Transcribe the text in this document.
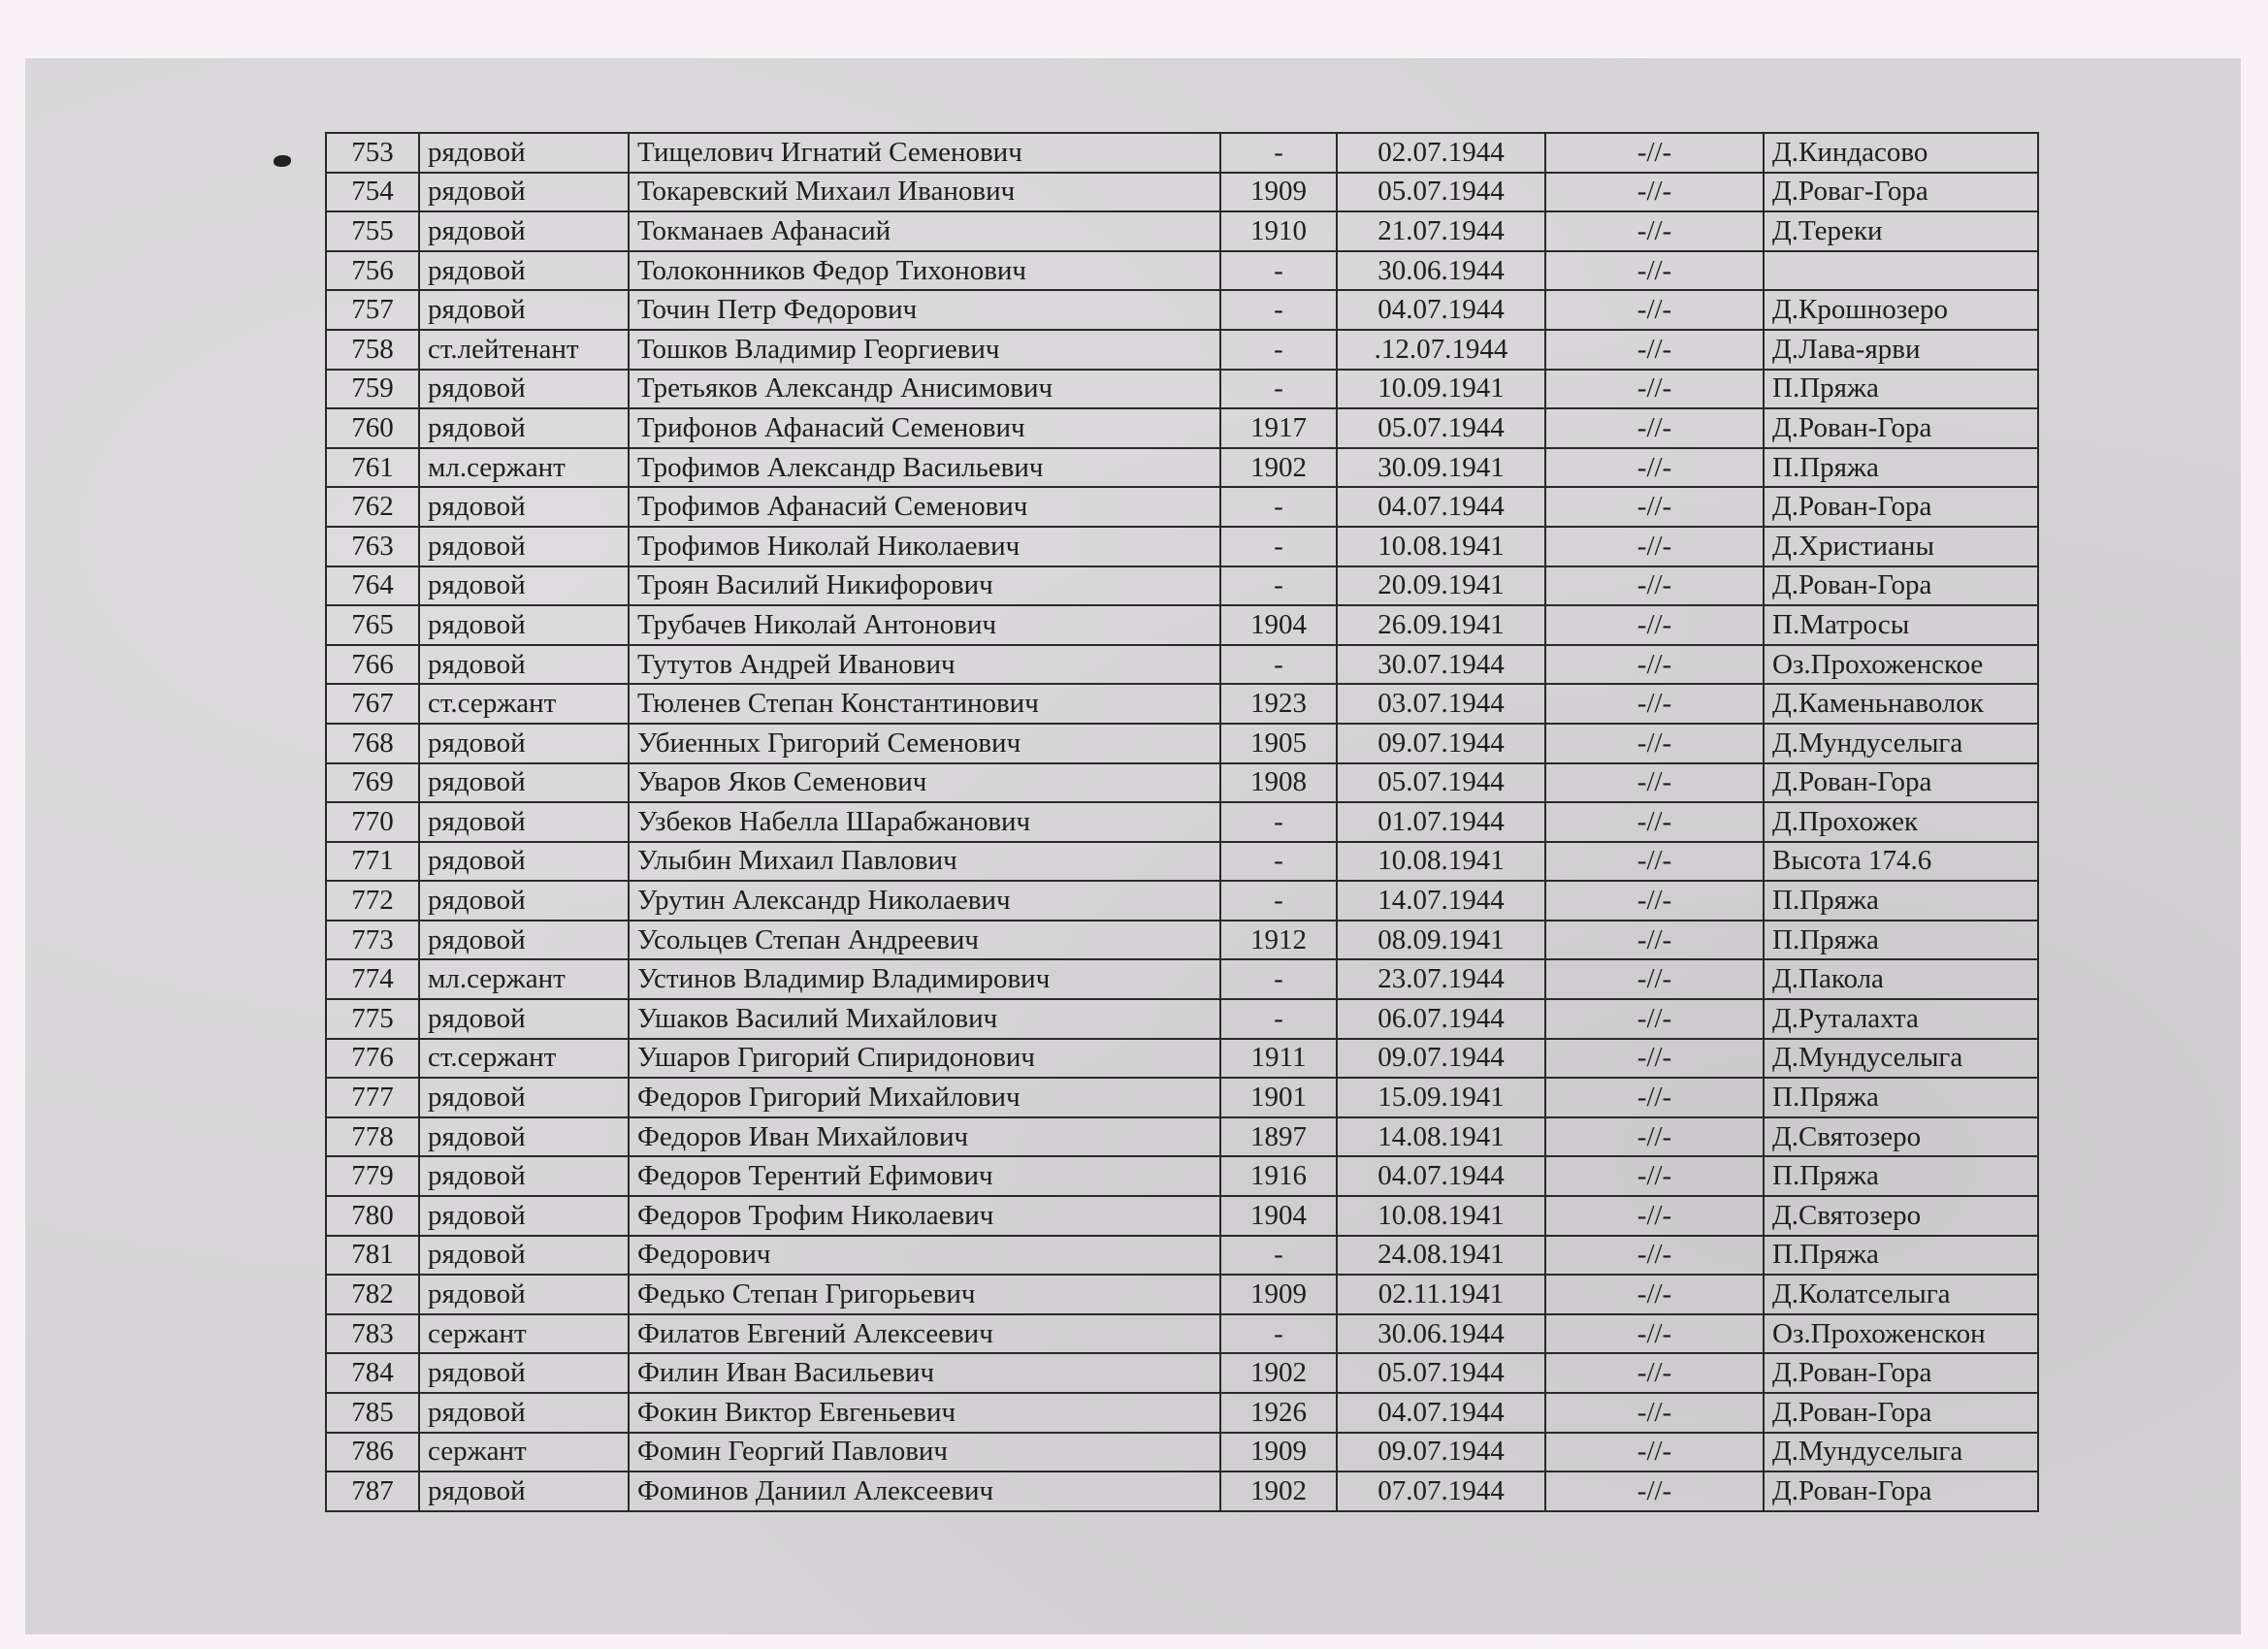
753	рядовой	Тищелович Игнатий Семенович	-	02.07.1944	-//-	Д.Киндасово
754	рядовой	Токаревский Михаил Иванович	1909	05.07.1944	-//-	Д.Роваг-Гора
755	рядовой	Токманаев Афанасий	1910	21.07.1944	-//-	Д.Тереки
756	рядовой	Толоконников Федор Тихонович	-	30.06.1944	-//-	
757	рядовой	Точин Петр Федорович	-	04.07.1944	-//-	Д.Крошнозеро
758	ст.лейтенант	Тошков Владимир Георгиевич	-	.12.07.1944	-//-	Д.Лава-ярви
759	рядовой	Третьяков Александр Анисимович	-	10.09.1941	-//-	П.Пряжа
760	рядовой	Трифонов Афанасий Семенович	1917	05.07.1944	-//-	Д.Рован-Гора
761	мл.сержант	Трофимов Александр Васильевич	1902	30.09.1941	-//-	П.Пряжа
762	рядовой	Трофимов Афанасий Семенович	-	04.07.1944	-//-	Д.Рован-Гора
763	рядовой	Трофимов Николай Николаевич	-	10.08.1941	-//-	Д.Христианы
764	рядовой	Троян Василий Никифорович	-	20.09.1941	-//-	Д.Рован-Гора
765	рядовой	Трубачев Николай Антонович	1904	26.09.1941	-//-	П.Матросы
766	рядовой	Тутутов Андрей Иванович	-	30.07.1944	-//-	Оз.Прохоженское
767	ст.сержант	Тюленев Степан Константинович	1923	03.07.1944	-//-	Д.Каменьнаволок
768	рядовой	Убиенных Григорий Семенович	1905	09.07.1944	-//-	Д.Мундуселыга
769	рядовой	Уваров Яков Семенович	1908	05.07.1944	-//-	Д.Рован-Гора
770	рядовой	Узбеков Набелла Шарабжанович	-	01.07.1944	-//-	Д.Прохожек
771	рядовой	Улыбин Михаил Павлович	-	10.08.1941	-//-	Высота 174.6
772	рядовой	Урутин Александр Николаевич	-	14.07.1944	-//-	П.Пряжа
773	рядовой	Усольцев Степан Андреевич	1912	08.09.1941	-//-	П.Пряжа
774	мл.сержант	Устинов Владимир Владимирович	-	23.07.1944	-//-	Д.Пакола
775	рядовой	Ушаков Василий Михайлович	-	06.07.1944	-//-	Д.Руталахта
776	ст.сержант	Ушаров Григорий Спиридонович	1911	09.07.1944	-//-	Д.Мундуселыга
777	рядовой	Федоров Григорий Михайлович	1901	15.09.1941	-//-	П.Пряжа
778	рядовой	Федоров Иван Михайлович	1897	14.08.1941	-//-	Д.Святозеро
779	рядовой	Федоров Терентий Ефимович	1916	04.07.1944	-//-	П.Пряжа
780	рядовой	Федоров Трофим Николаевич	1904	10.08.1941	-//-	Д.Святозеро
781	рядовой	Федорович	-	24.08.1941	-//-	П.Пряжа
782	рядовой	Федько Степан Григорьевич	1909	02.11.1941	-//-	Д.Колатселыга
783	сержант	Филатов Евгений Алексеевич	-	30.06.1944	-//-	Оз.Прохоженскон
784	рядовой	Филин Иван Васильевич	1902	05.07.1944	-//-	Д.Рован-Гора
785	рядовой	Фокин Виктор Евгеньевич	1926	04.07.1944	-//-	Д.Рован-Гора
786	сержант	Фомин Георгий Павлович	1909	09.07.1944	-//-	Д.Мундуселыга
787	рядовой	Фоминов Даниил Алексеевич	1902	07.07.1944	-//-	Д.Рован-Гора
